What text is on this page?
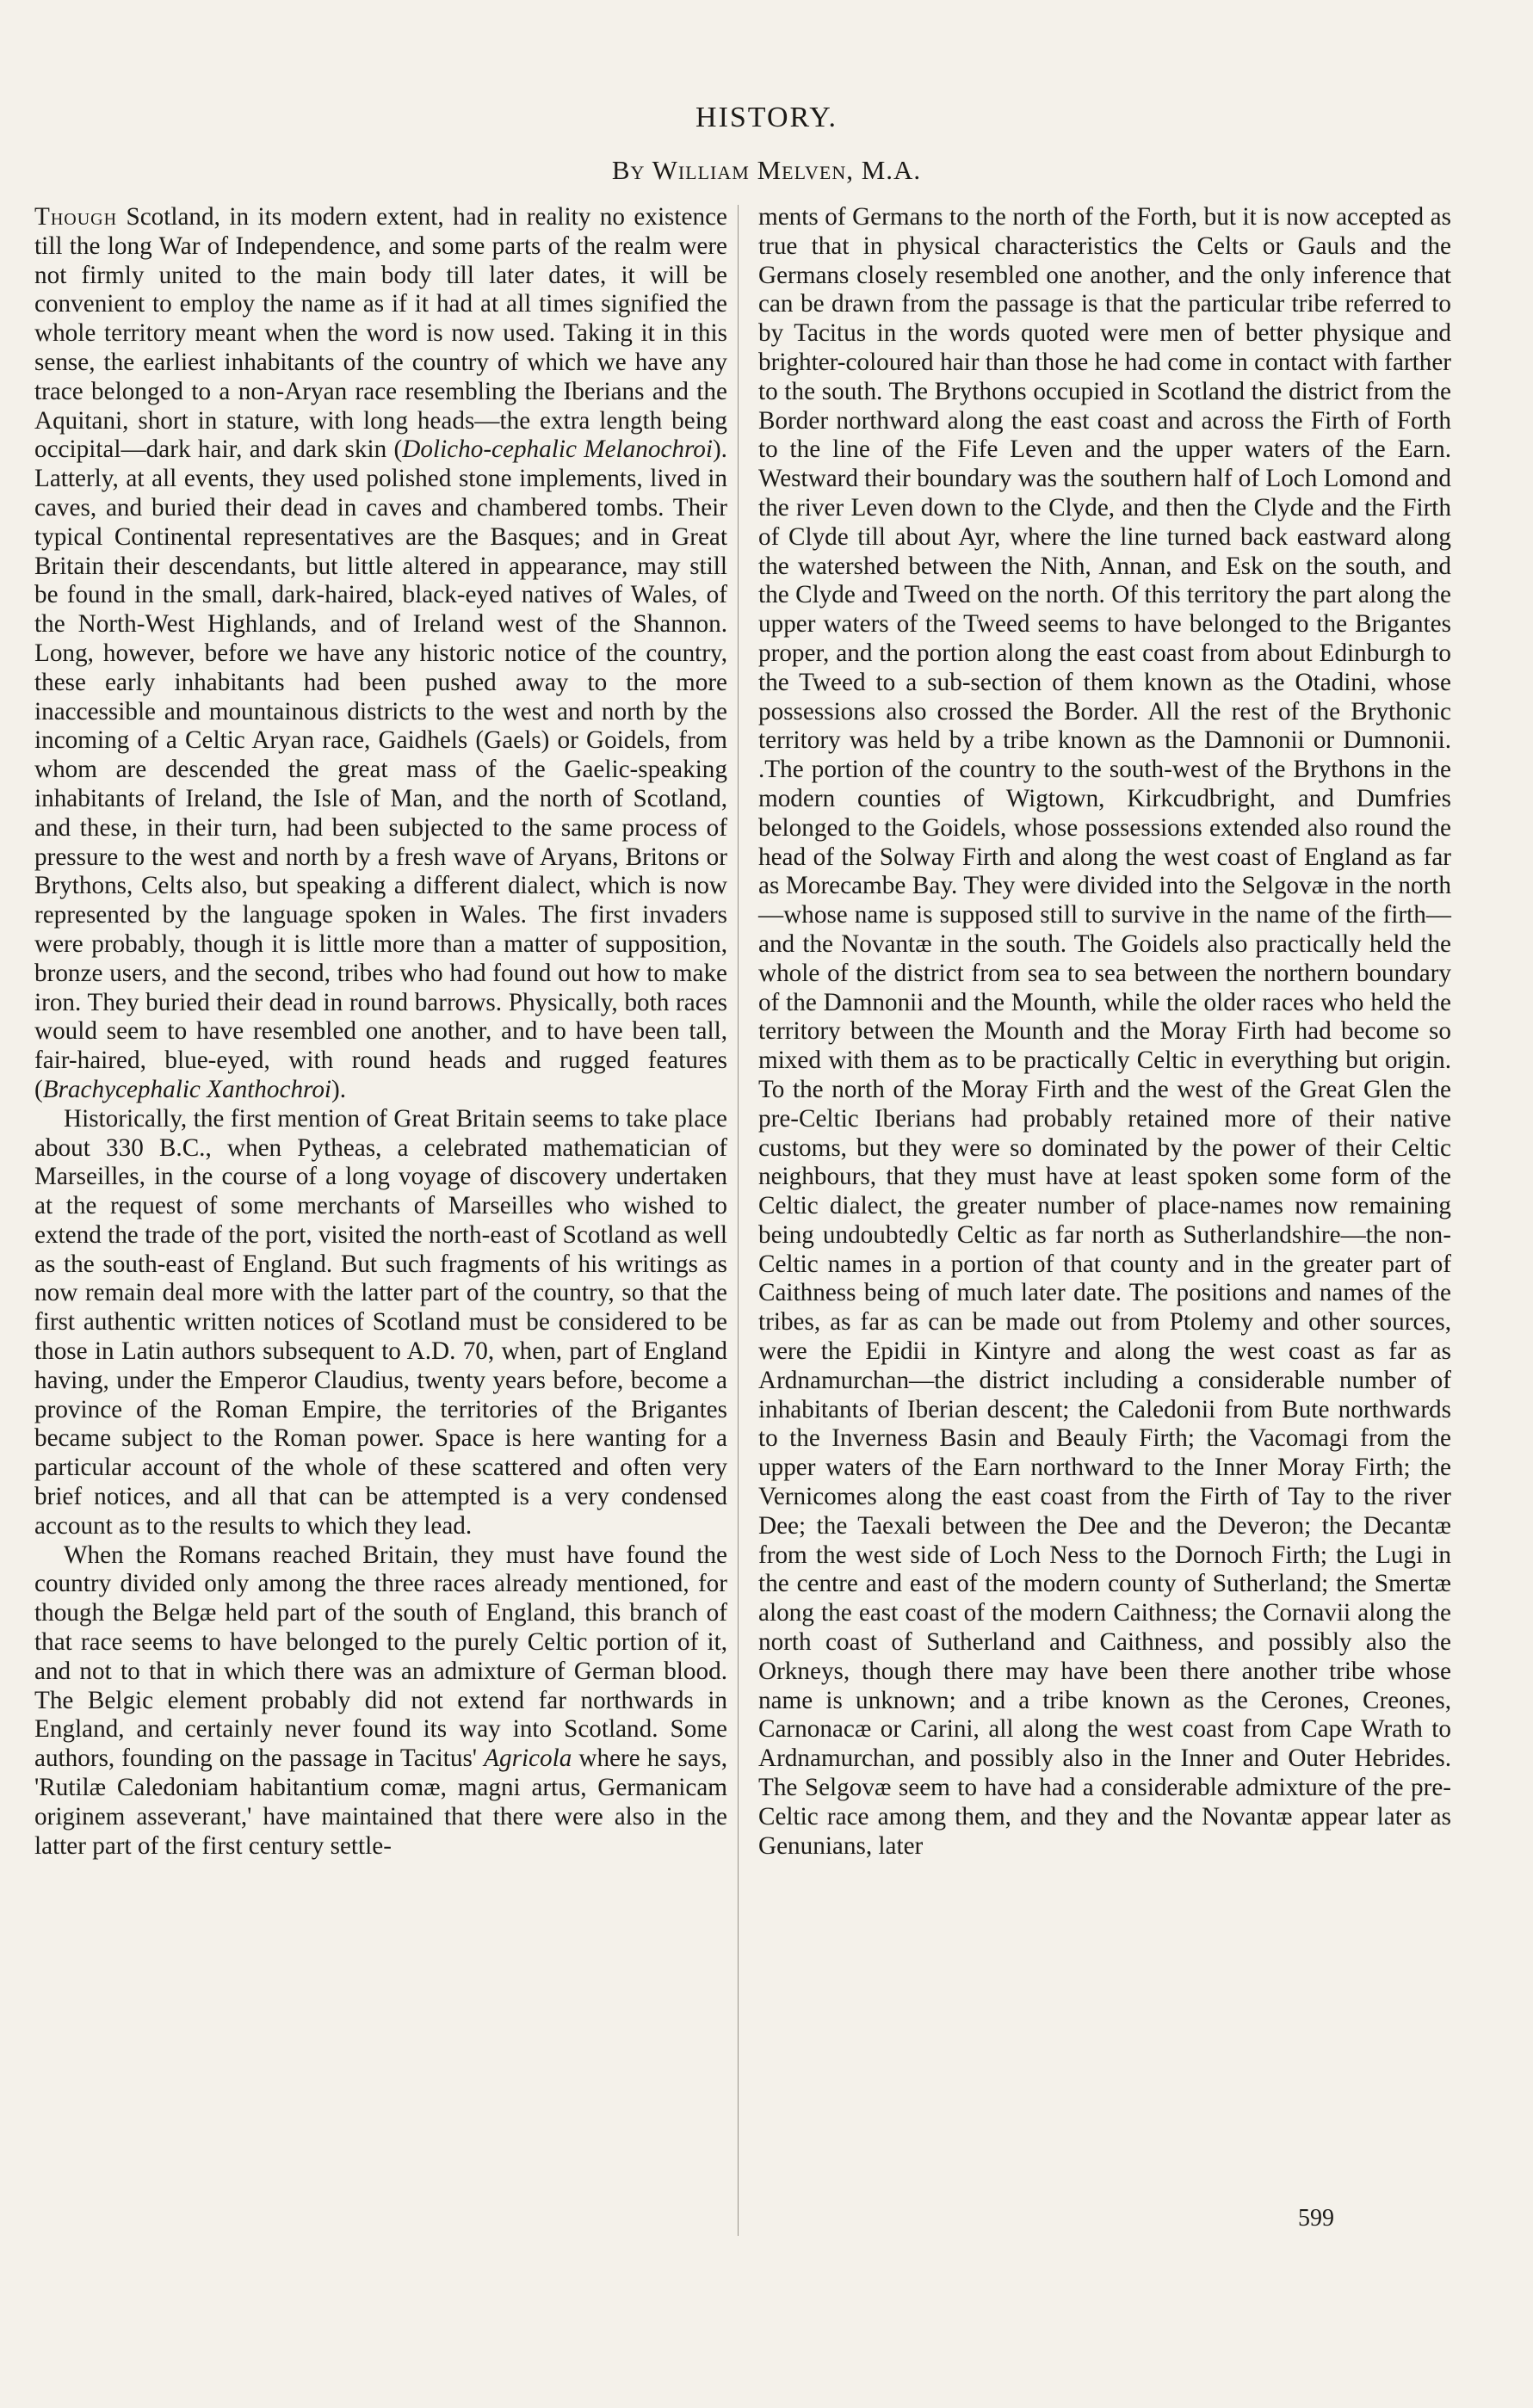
HISTORY.

By William Melven, M.A.

Though Scotland, in its modern extent, had in reality no existence till the long War of Independence, and some parts of the realm were not firmly united to the main body till later dates, it will be convenient to employ the name as if it had at all times signified the whole territory meant when the word is now used. Taking it in this sense, the earliest inhabitants of the country of which we have any trace belonged to a non-Aryan race resembling the Iberians and the Aquitani, short in stature, with long heads—the extra length being occipital—dark hair, and dark skin (Dolicho-cephalic Melanochroi). Latterly, at all events, they used polished stone implements, lived in caves, and buried their dead in caves and chambered tombs. Their typical Continental representatives are the Basques; and in Great Britain their descendants, but little altered in appearance, may still be found in the small, dark-haired, black-eyed natives of Wales, of the North-West Highlands, and of Ireland west of the Shannon. Long, however, before we have any historic notice of the country, these early inhabitants had been pushed away to the more inaccessible and mountainous districts to the west and north by the incoming of a Celtic Aryan race, Gaidhels (Gaels) or Goidels, from whom are descended the great mass of the Gaelic-speaking inhabitants of Ireland, the Isle of Man, and the north of Scotland, and these, in their turn, had been subjected to the same process of pressure to the west and north by a fresh wave of Aryans, Britons or Brythons, Celts also, but speaking a different dialect, which is now represented by the language spoken in Wales. The first invaders were probably, though it is little more than a matter of supposition, bronze users, and the second, tribes who had found out how to make iron. They buried their dead in round barrows. Physically, both races would seem to have resembled one another, and to have been tall, fair-haired, blue-eyed, with round heads and rugged features (Brachycephalic Xanthochroi).

Historically, the first mention of Great Britain seems to take place about 330 B.C., when Pytheas, a celebrated mathematician of Marseilles, in the course of a long voyage of discovery undertaken at the request of some merchants of Marseilles who wished to extend the trade of the port, visited the north-east of Scotland as well as the south-east of England. But such fragments of his writings as now remain deal more with the latter part of the country, so that the first authentic written notices of Scotland must be considered to be those in Latin authors subsequent to A.D. 70, when, part of England having, under the Emperor Claudius, twenty years before, become a province of the Roman Empire, the territories of the Brigantes became subject to the Roman power. Space is here wanting for a particular account of the whole of these scattered and often very brief notices, and all that can be attempted is a very condensed account as to the results to which they lead.

When the Romans reached Britain, they must have found the country divided only among the three races already mentioned, for though the Belgæ held part of the south of England, this branch of that race seems to have belonged to the purely Celtic portion of it, and not to that in which there was an admixture of German blood. The Belgic element probably did not extend far northwards in England, and certainly never found its way into Scotland. Some authors, founding on the passage in Tacitus' Agricola where he says, 'Rutilæ Caledoniam habitantium comæ, magni artus, Germanicam originem asseverant,' have maintained that there were also in the latter part of the first century settle-

ments of Germans to the north of the Forth, but it is now accepted as true that in physical characteristics the Celts or Gauls and the Germans closely resembled one another, and the only inference that can be drawn from the passage is that the particular tribe referred to by Tacitus in the words quoted were men of better physique and brighter-coloured hair than those he had come in contact with farther to the south. The Brythons occupied in Scotland the district from the Border northward along the east coast and across the Firth of Forth to the line of the Fife Leven and the upper waters of the Earn. Westward their boundary was the southern half of Loch Lomond and the river Leven down to the Clyde, and then the Clyde and the Firth of Clyde till about Ayr, where the line turned back eastward along the watershed between the Nith, Annan, and Esk on the south, and the Clyde and Tweed on the north. Of this territory the part along the upper waters of the Tweed seems to have belonged to the Brigantes proper, and the portion along the east coast from about Edinburgh to the Tweed to a sub-section of them known as the Otadini, whose possessions also crossed the Border. All the rest of the Brythonic territory was held by a tribe known as the Damnonii or Dumnonii. .The portion of the country to the south-west of the Brythons in the modern counties of Wigtown, Kirkcudbright, and Dumfries belonged to the Goidels, whose possessions extended also round the head of the Solway Firth and along the west coast of England as far as Morecambe Bay. They were divided into the Selgovæ in the north —whose name is supposed still to survive in the name of the firth—and the Novantæ in the south. The Goidels also practically held the whole of the district from sea to sea between the northern boundary of the Damnonii and the Mounth, while the older races who held the territory between the Mounth and the Moray Firth had become so mixed with them as to be practically Celtic in everything but origin. To the north of the Moray Firth and the west of the Great Glen the pre-Celtic Iberians had probably retained more of their native customs, but they were so dominated by the power of their Celtic neighbours, that they must have at least spoken some form of the Celtic dialect, the greater number of place-names now remaining being undoubtedly Celtic as far north as Sutherlandshire—the non-Celtic names in a portion of that county and in the greater part of Caithness being of much later date. The positions and names of the tribes, as far as can be made out from Ptolemy and other sources, were the Epidii in Kintyre and along the west coast as far as Ardnamurchan—the district including a considerable number of inhabitants of Iberian descent; the Caledonii from Bute northwards to the Inverness Basin and Beauly Firth; the Vacomagi from the upper waters of the Earn northward to the Inner Moray Firth; the Vernicomes along the east coast from the Firth of Tay to the river Dee; the Taexali between the Dee and the Deveron; the Decantæ from the west side of Loch Ness to the Dornoch Firth; the Lugi in the centre and east of the modern county of Sutherland; the Smertæ along the east coast of the modern Caithness; the Cornavii along the north coast of Sutherland and Caithness, and possibly also the Orkneys, though there may have been there another tribe whose name is unknown; and a tribe known as the Cerones, Creones, Carnonacæ or Carini, all along the west coast from Cape Wrath to Ardnamurchan, and possibly also in the Inner and Outer Hebrides. The Selgovæ seem to have had a considerable admixture of the pre-Celtic race among them, and they and the Novantæ appear later as Genunians, later

599
